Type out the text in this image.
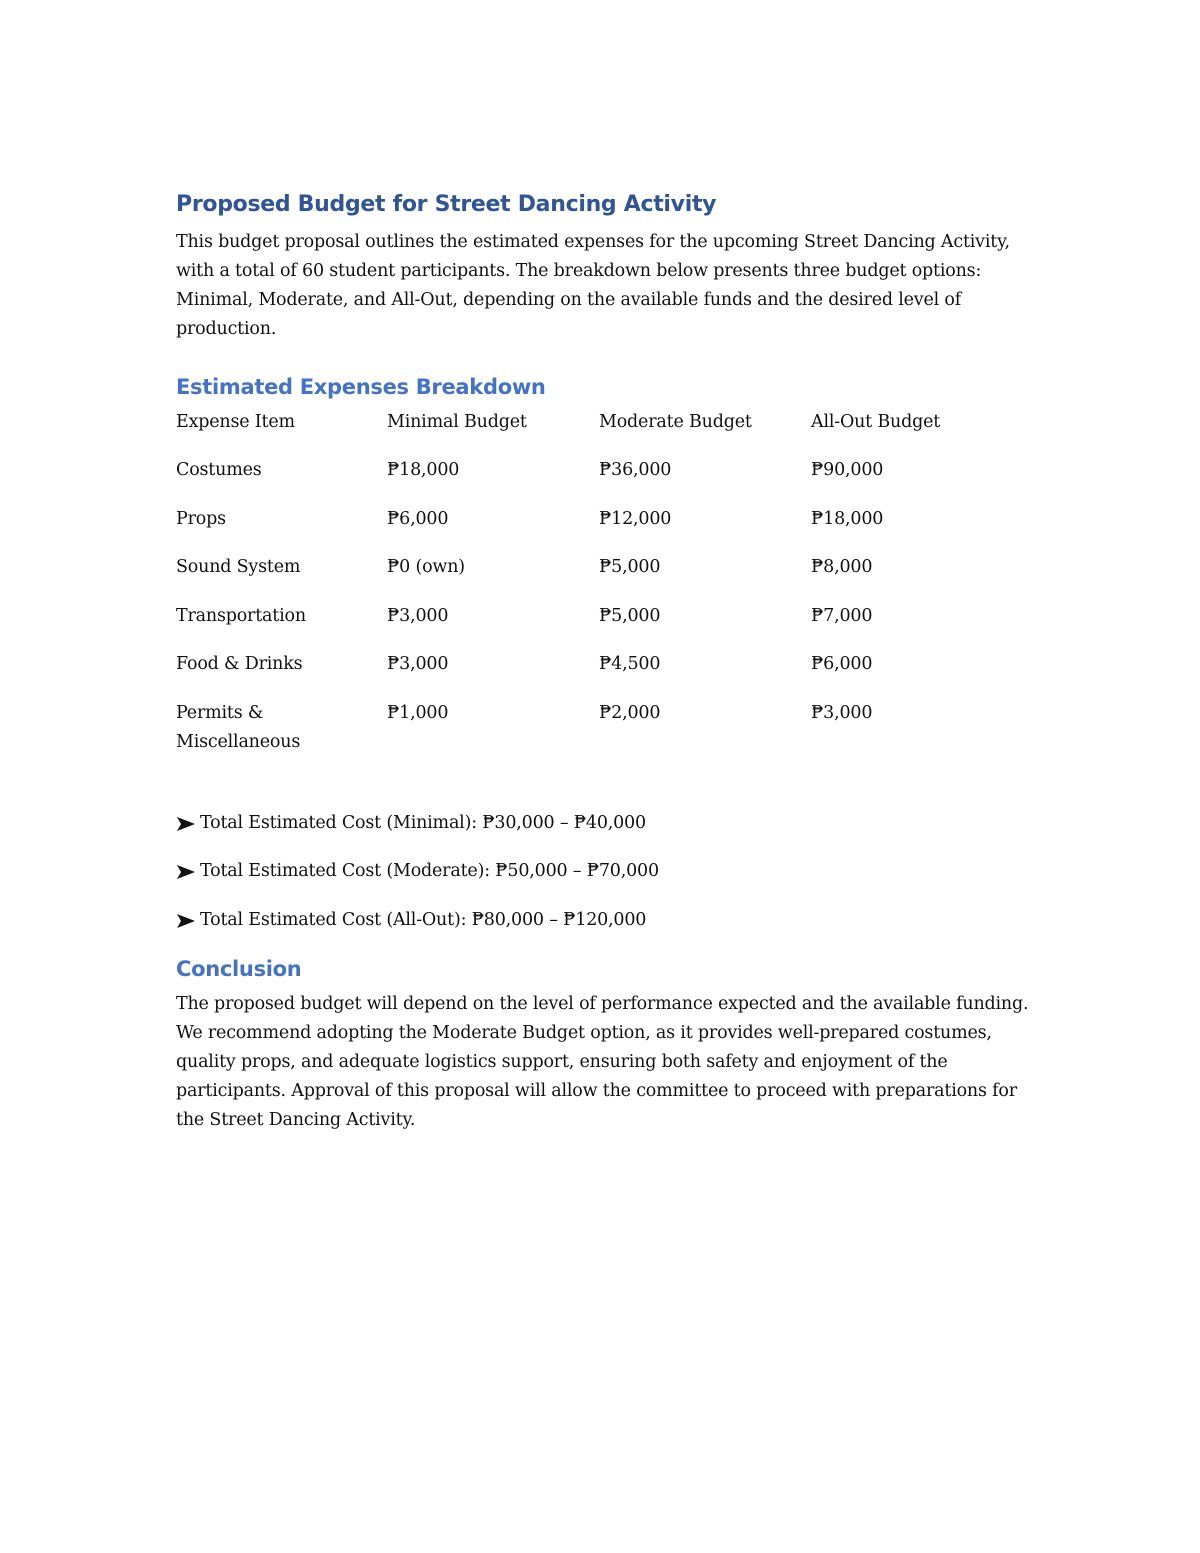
Proposed Budget for Street Dancing Activity

This budget proposal outlines the estimated expenses for the upcoming Street Dancing Activity, with a total of 60 student participants. The breakdown below presents three budget options: Minimal, Moderate, and All-Out, depending on the available funds and the desired level of production.

Estimated Expenses Breakdown
Expense Item	Minimal Budget	Moderate Budget	All-Out Budget
Costumes	₱18,000	₱36,000	₱90,000
Props	₱6,000	₱12,000	₱18,000
Sound System	₱0 (own)	₱5,000	₱8,000
Transportation	₱3,000	₱5,000	₱7,000
Food & Drinks	₱3,000	₱4,500	₱6,000
Permits & Miscellaneous	₱1,000	₱2,000	₱3,000
Total Estimated Cost (Minimal): ₱30,000 – ₱40,000
Total Estimated Cost (Moderate): ₱50,000 – ₱70,000
Total Estimated Cost (All-Out): ₱80,000 – ₱120,000
Conclusion

The proposed budget will depend on the level of performance expected and the available funding. We recommend adopting the Moderate Budget option, as it provides well-prepared costumes, quality props, and adequate logistics support, ensuring both safety and enjoyment of the participants. Approval of this proposal will allow the committee to proceed with preparations for the Street Dancing Activity.
